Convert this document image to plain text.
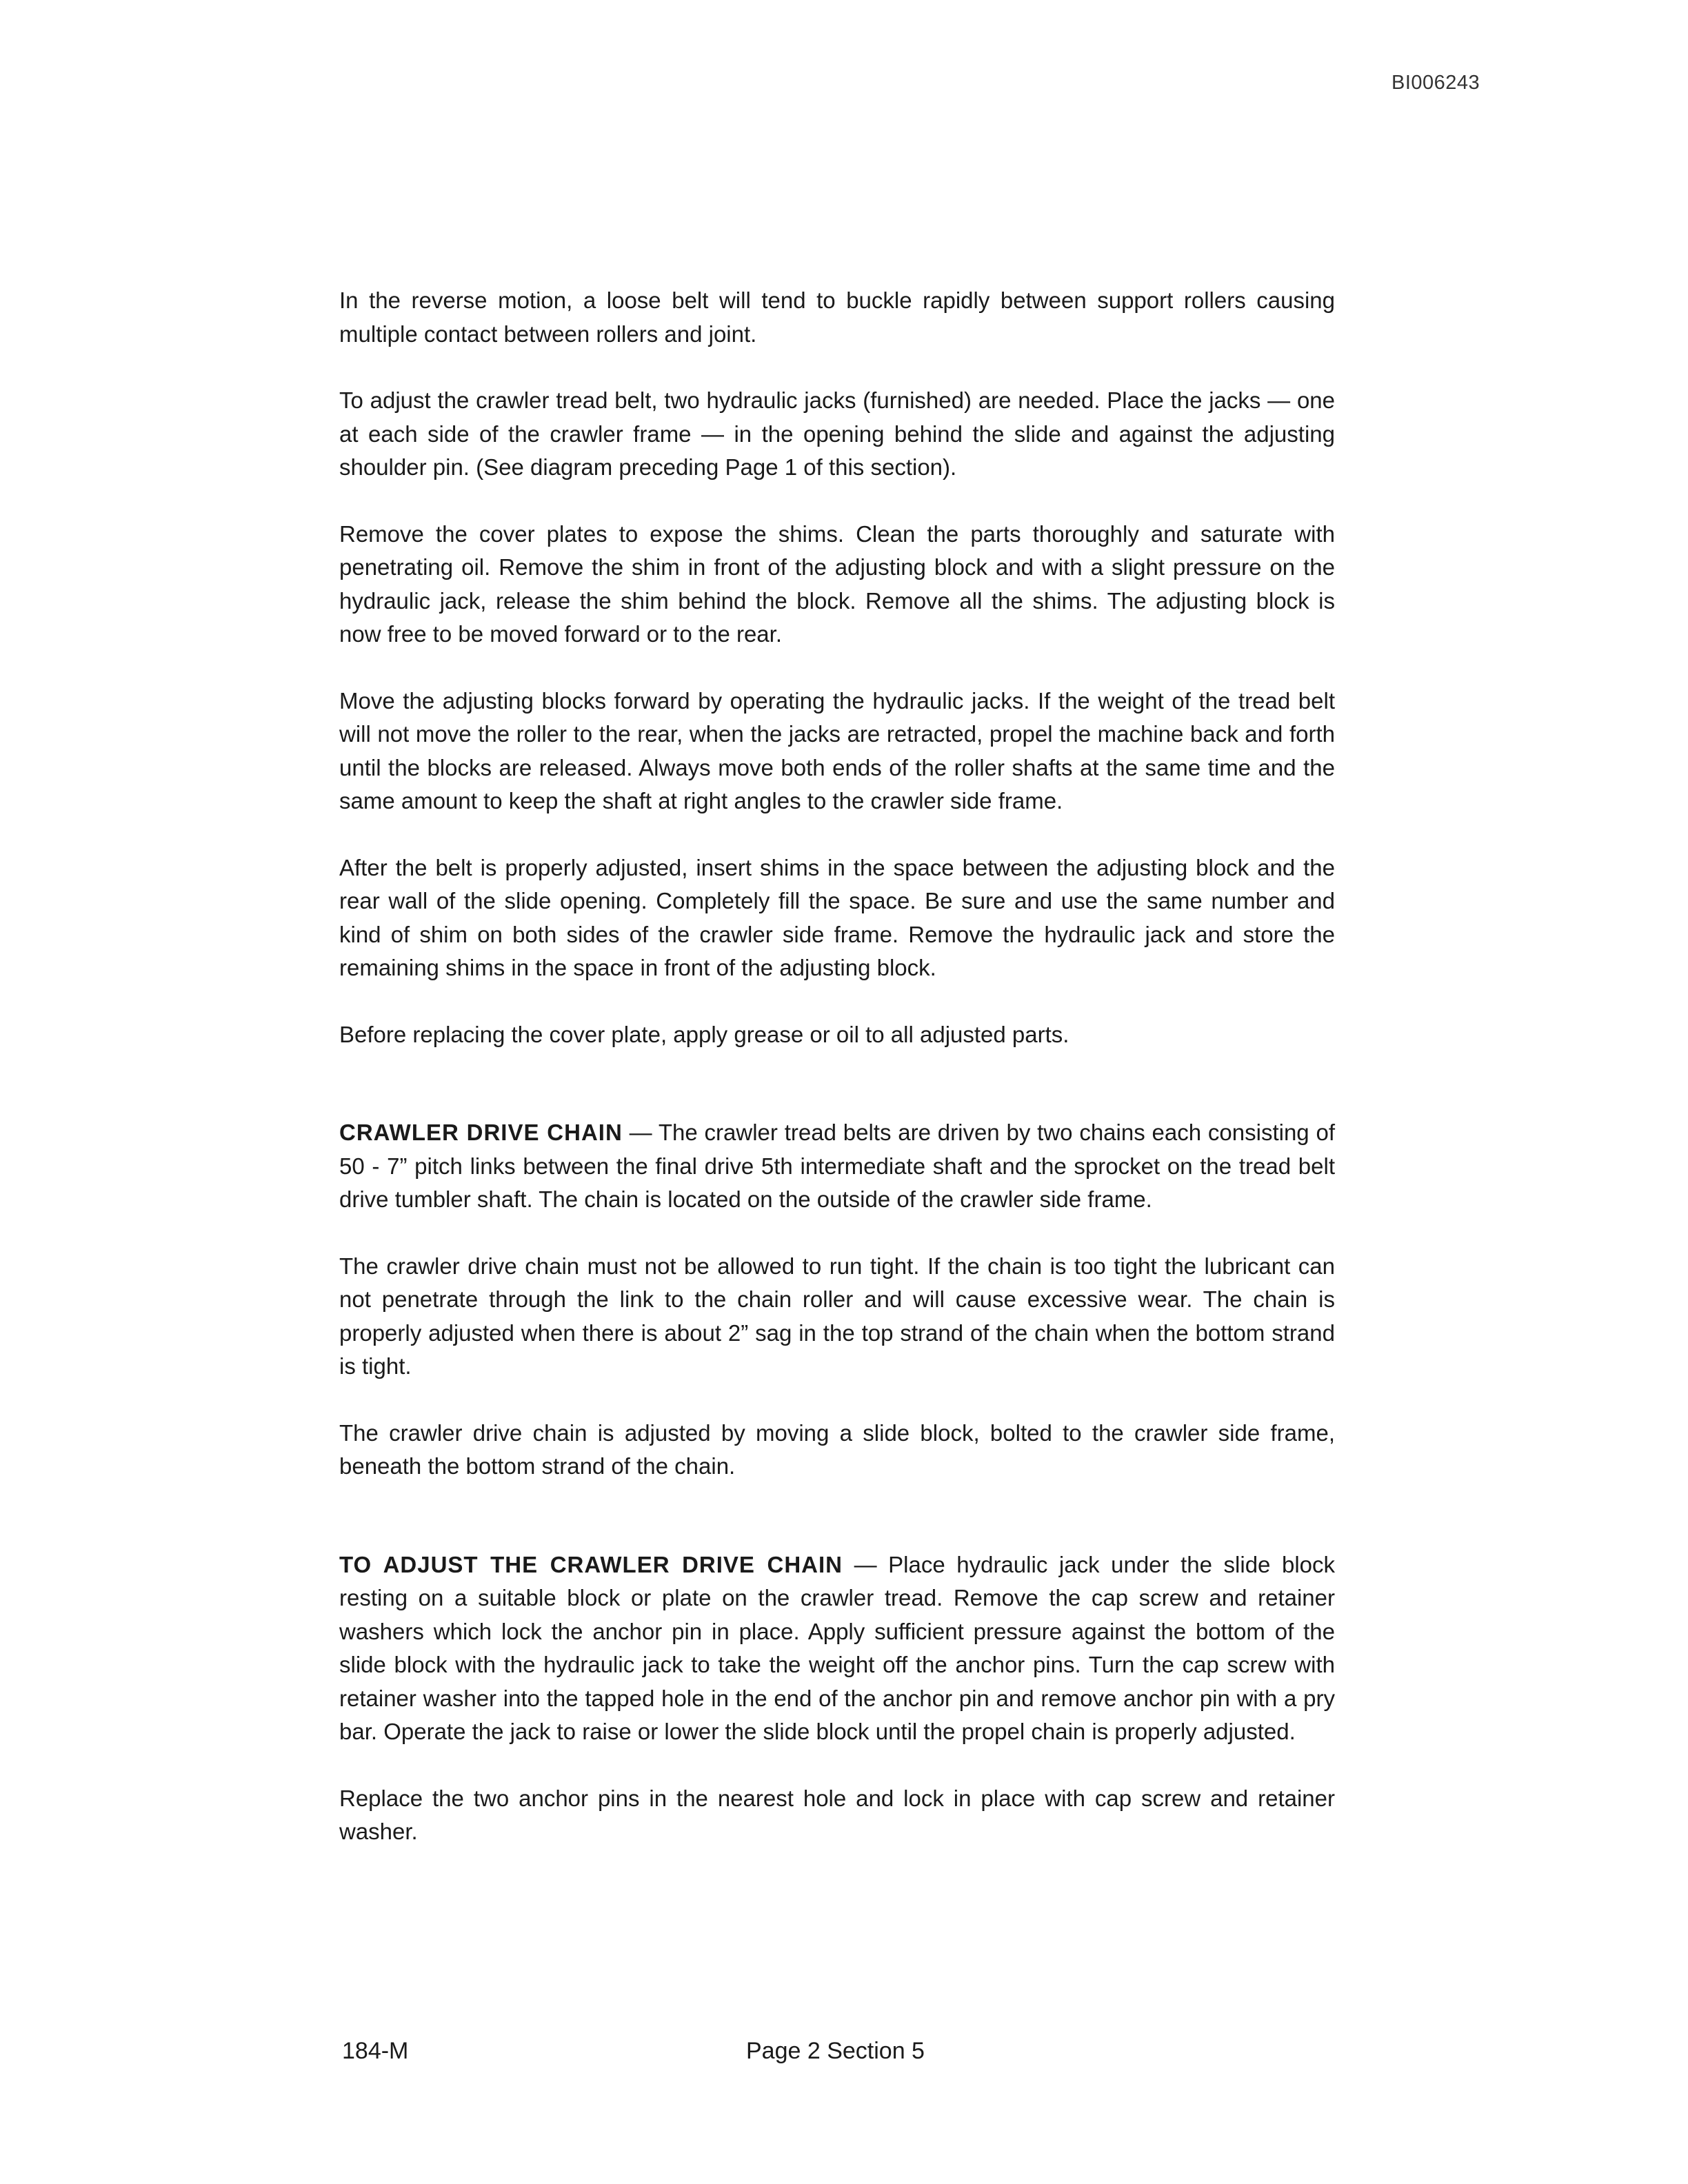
BI006243

In the reverse motion, a loose belt will tend to buckle rapidly between support rollers causing multiple contact between rollers and joint.

To adjust the crawler tread belt, two hydraulic jacks (furnished) are needed. Place the jacks — one at each side of the crawler frame — in the opening behind the slide and against the adjusting shoulder pin. (See diagram preceding Page 1 of this section).

Remove the cover plates to expose the shims. Clean the parts thoroughly and saturate with penetrating oil. Remove the shim in front of the adjusting block and with a slight pressure on the hydraulic jack, release the shim behind the block. Remove all the shims. The adjusting block is now free to be moved forward or to the rear.

Move the adjusting blocks forward by operating the hydraulic jacks. If the weight of the tread belt will not move the roller to the rear, when the jacks are retracted, propel the machine back and forth until the blocks are released. Always move both ends of the roller shafts at the same time and the same amount to keep the shaft at right angles to the crawler side frame.

After the belt is properly adjusted, insert shims in the space between the adjusting block and the rear wall of the slide opening. Completely fill the space. Be sure and use the same number and kind of shim on both sides of the crawler side frame. Remove the hydraulic jack and store the remaining shims in the space in front of the adjusting block.

Before replacing the cover plate, apply grease or oil to all adjusted parts.

CRAWLER DRIVE CHAIN — The crawler tread belts are driven by two chains each consisting of 50 - 7” pitch links between the final drive 5th intermediate shaft and the sprocket on the tread belt drive tumbler shaft. The chain is located on the outside of the crawler side frame.

The crawler drive chain must not be allowed to run tight. If the chain is too tight the lubricant can not penetrate through the link to the chain roller and will cause excessive wear. The chain is properly adjusted when there is about 2” sag in the top strand of the chain when the bottom strand is tight.

The crawler drive chain is adjusted by moving a slide block, bolted to the crawler side frame, beneath the bottom strand of the chain.

TO ADJUST THE CRAWLER DRIVE CHAIN — Place hydraulic jack under the slide block resting on a suitable block or plate on the crawler tread. Remove the cap screw and retainer washers which lock the anchor pin in place. Apply sufficient pressure against the bottom of the slide block with the hydraulic jack to take the weight off the anchor pins. Turn the cap screw with retainer washer into the tapped hole in the end of the anchor pin and remove anchor pin with a pry bar. Operate the jack to raise or lower the slide block until the propel chain is properly adjusted.

Replace the two anchor pins in the nearest hole and lock in place with cap screw and retainer washer.

184-M	Page 2 Section 5
